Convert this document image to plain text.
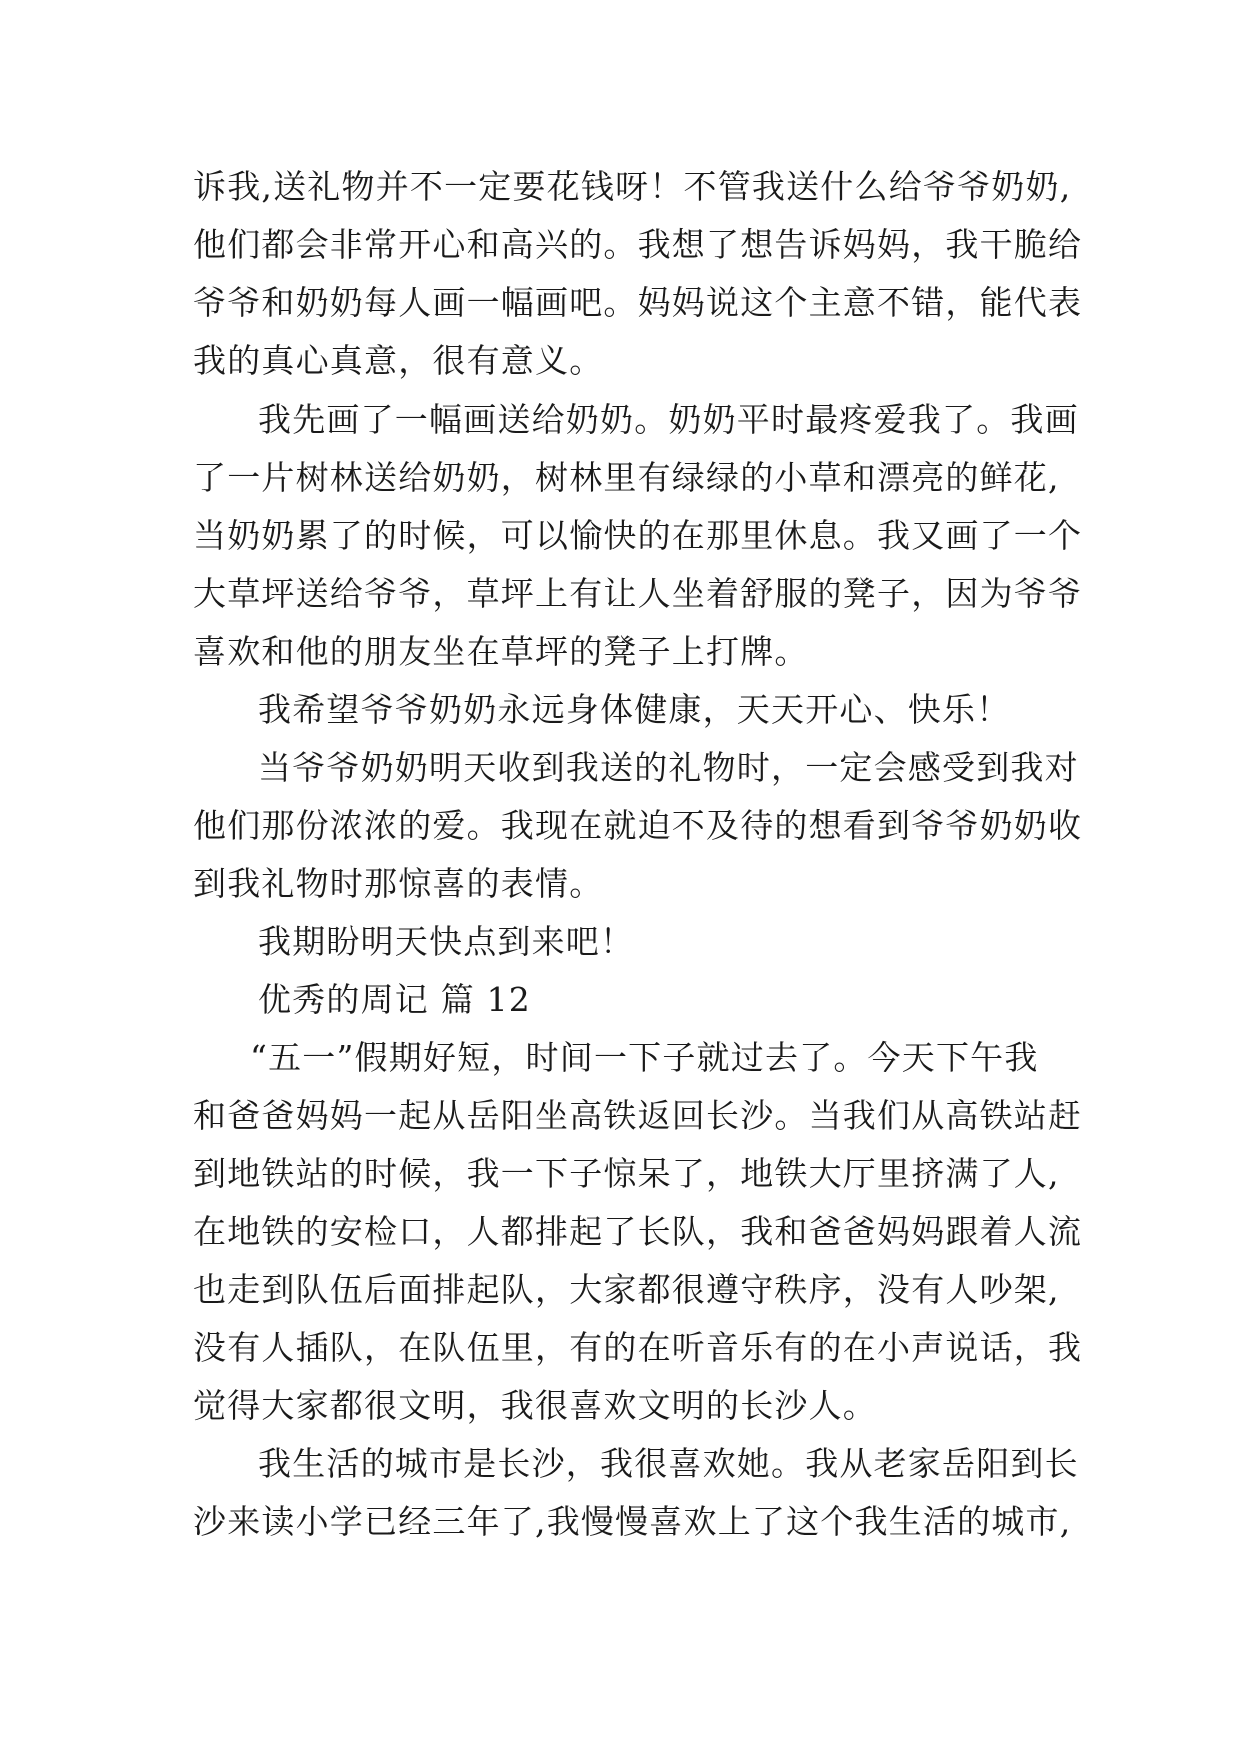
诉我,送礼物并不一定要花钱呀！不管我送什么给爷爷奶奶,
他们都会非常开心和高兴的。我想了想告诉妈妈，我干脆给
爷爷和奶奶每人画一幅画吧。妈妈说这个主意不错，能代表
我的真心真意，很有意义。
我先画了一幅画送给奶奶。奶奶平时最疼爱我了。我画
了一片树林送给奶奶，树林里有绿绿的小草和漂亮的鲜花,
当奶奶累了的时候，可以愉快的在那里休息。我又画了一个
大草坪送给爷爷，草坪上有让人坐着舒服的凳子，因为爷爷
喜欢和他的朋友坐在草坪的凳子上打牌。
我希望爷爷奶奶永远身体健康，天天开心、快乐！
当爷爷奶奶明天收到我送的礼物时，一定会感受到我对
他们那份浓浓的爱。我现在就迫不及待的想看到爷爷奶奶收
到我礼物时那惊喜的表情。
我期盼明天快点到来吧！
优秀的周记 篇 12
“五一”假期好短，时间一下子就过去了。今天下午我
和爸爸妈妈一起从岳阳坐高铁返回长沙。当我们从高铁站赶
到地铁站的时候，我一下子惊呆了，地铁大厅里挤满了人,
在地铁的安检口，人都排起了长队，我和爸爸妈妈跟着人流
也走到队伍后面排起队，大家都很遵守秩序，没有人吵架,
没有人插队，在队伍里，有的在听音乐有的在小声说话，我
觉得大家都很文明，我很喜欢文明的长沙人。
我生活的城市是长沙，我很喜欢她。我从老家岳阳到长
沙来读小学已经三年了,我慢慢喜欢上了这个我生活的城市,
